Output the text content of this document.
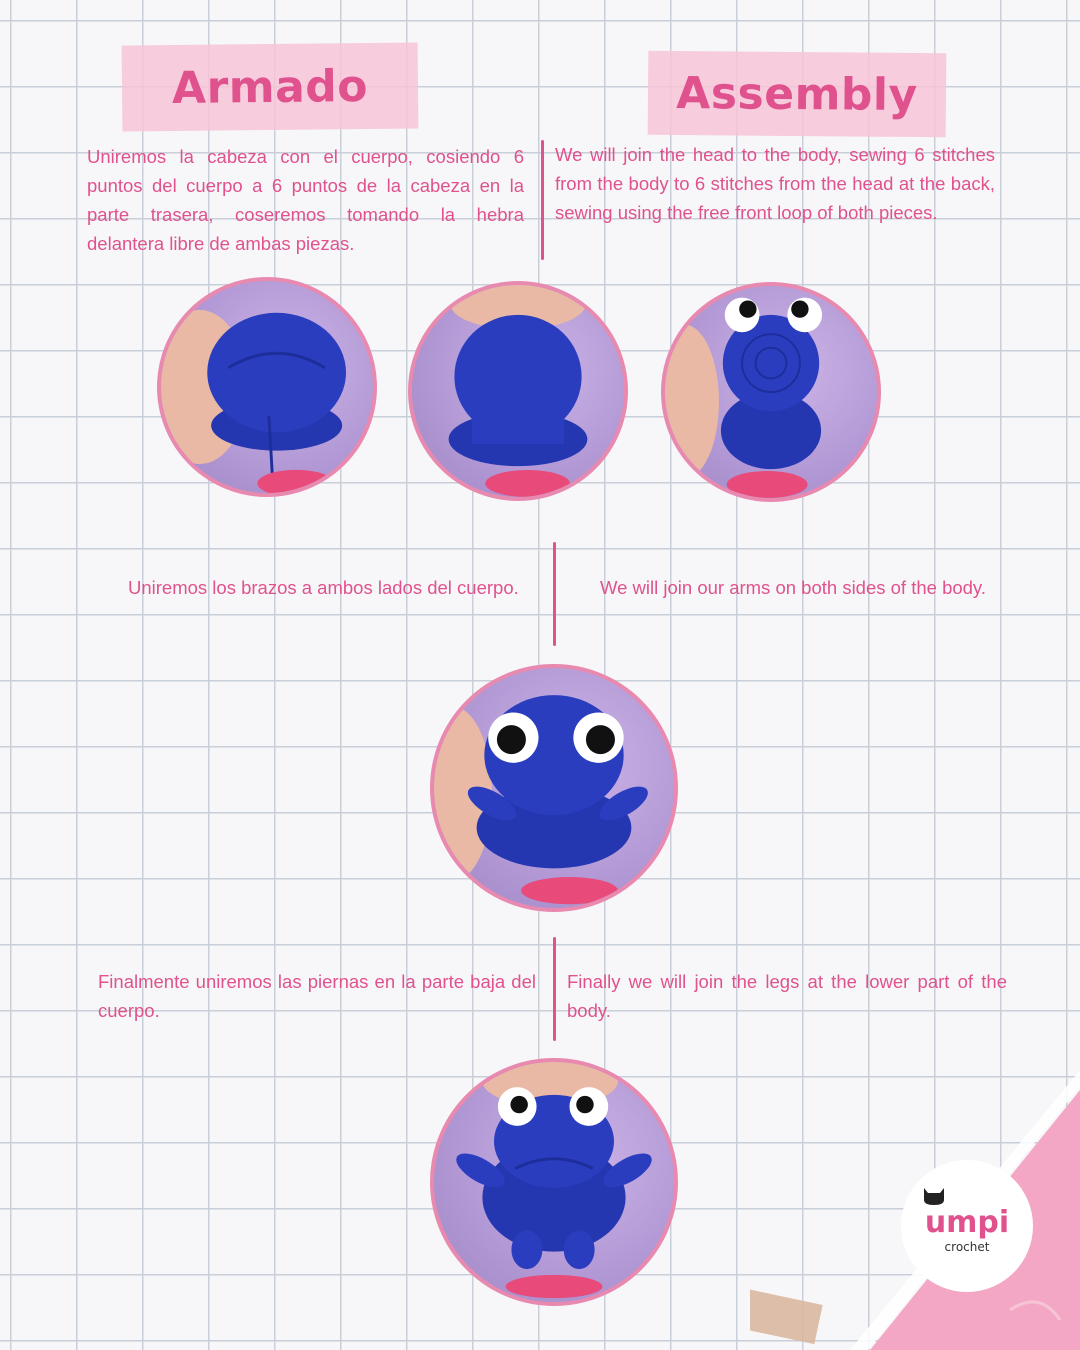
Armado	Assembly

Uniremos la cabeza con el cuerpo, cosiendo 6 puntos del cuerpo a 6 puntos de la cabeza en la parte trasera, coseremos tomando la hebra delantera libre de ambas piezas.

We will join the head to the body, sewing 6 stitches from the body to 6 stitches from the head at the back, sewing using the free front loop of both pieces.

Uniremos los brazos a ambos lados del cuerpo.	We will join our arms on both sides of the body.

Finalmente uniremos las piernas en la parte baja del cuerpo.

Finally we will join the legs at the lower part of the body.

umpi
crochet
